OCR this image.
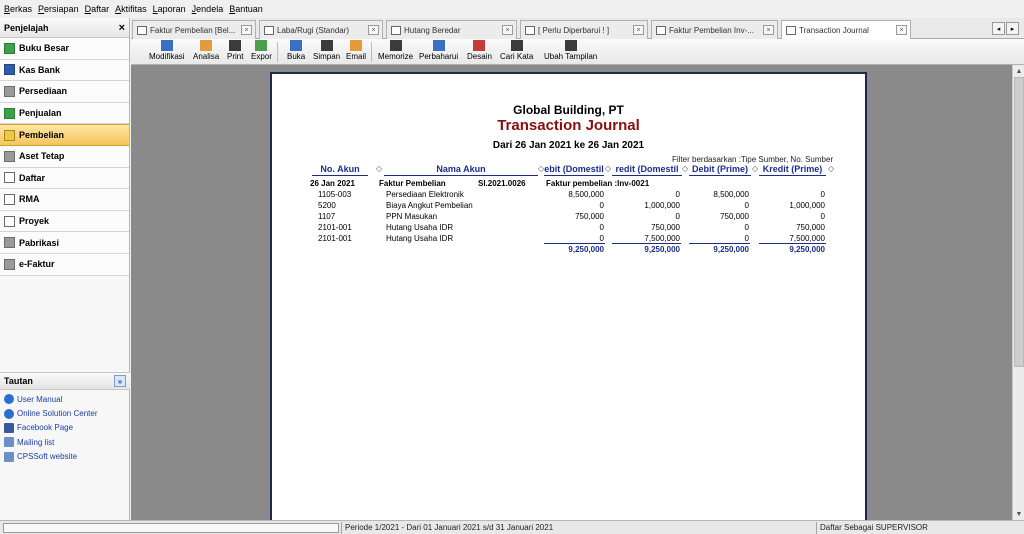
Berkas Persiapan Daftar Aktifitas Laporan Jendela Bantuan
Penjelajah	×
Buku Besar
Kas Bank
Persediaan
Penjualan
Pembelian
Aset Tetap
Daftar
RMA
Proyek
Pabrikasi
e-Faktur
Tautan	»
User Manual
Online Solution Center
Facebook Page
Mailing list
CPSSoft website
Faktur Pembelian [Bel...	×	Laba/Rugi (Standar)	×	Hutang Beredar	×	[ Perlu Diperbarui ! ]	×	Faktur Pembelian Inv-...	×	Transaction Journal	×	◂	▸
Modifikasi Analisa Print Expor Buka Simpan Email Memorize Perbaharui Desain Cari Kata Ubah Tampilan
▲
▼
Global Building, PT
Transaction Journal
Dari 26 Jan 2021 ke 26 Jan 2021
Filter berdasarkan :Tipe Sumber, No. Sumber
No. Akun	◇	Nama Akun	◇ ebit (Domestil ◇ redit (Domestil ◇ Debit (Prime) ◇ Kredit (Prime) ◇
26 Jan 2021	Faktur Pembelian	SI.2021.0026	Faktur pembelian :Inv-0021
1105-003	Persediaan Elektronik	8,500,000	0	8,500,000	0
5200	Biaya Angkut Pembelian	0	1,000,000	0	1,000,000
1107	PPN Masukan	750,000	0	750,000	0
2101-001	Hutang Usaha IDR	0	750,000	0	750,000
2101-001	Hutang Usaha IDR	0	7,500,000	0	7,500,000
9,250,000	9,250,000	9,250,000	9,250,000
Periode 1/2021 - Dari 01 Januari 2021 s/d 31 Januari 2021	Daftar Sebagai SUPERVISOR
